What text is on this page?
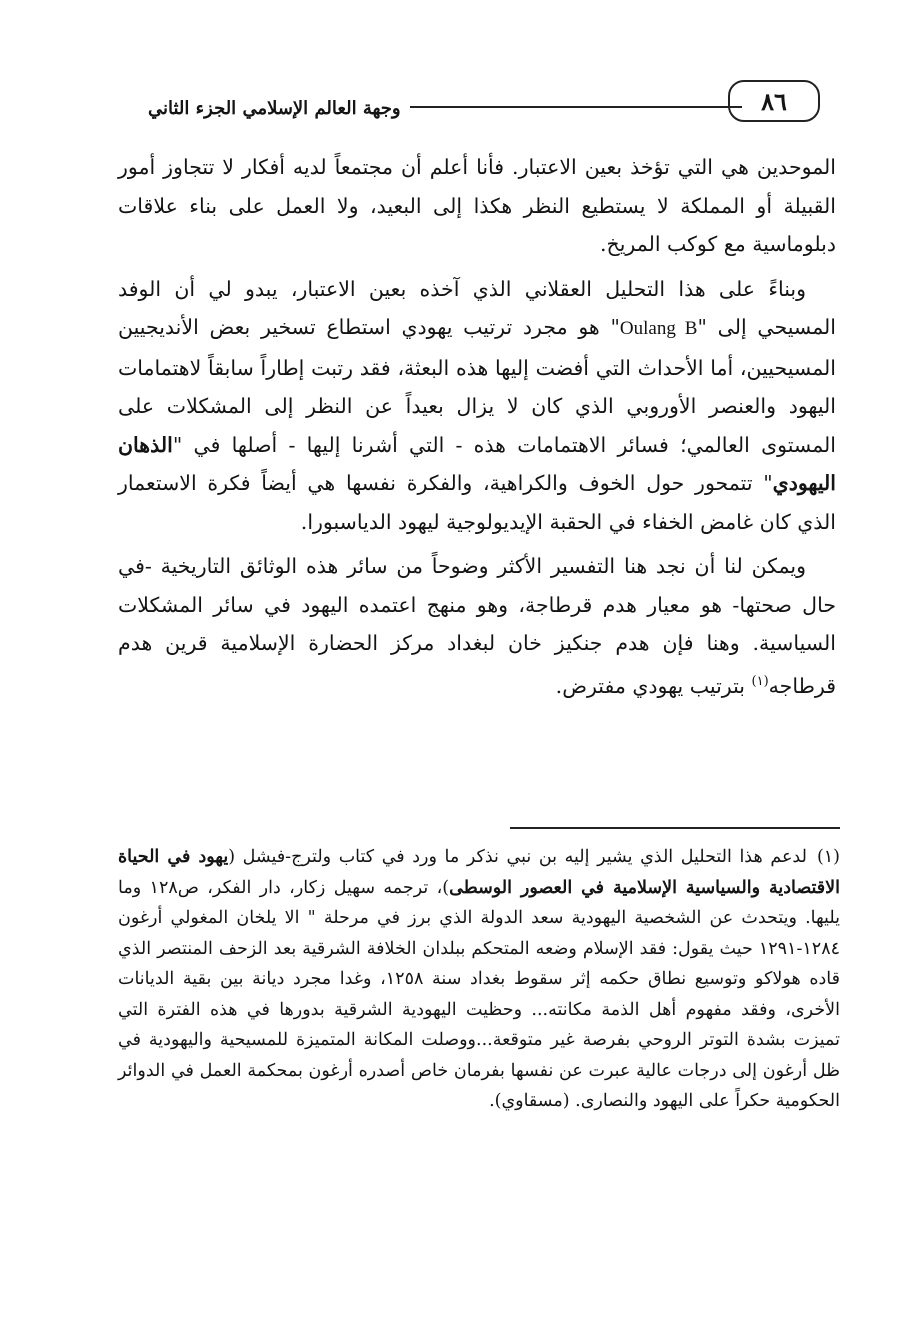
٨٦
وجهة العالم الإسلامي الجزء الثاني

الموحدين هي التي تؤخذ بعين الاعتبار. فأنا أعلم أن مجتمعاً لديه أفكار لا تتجاوز أمور القبيلة أو المملكة لا يستطيع النظر هكذا إلى البعيد، ولا العمل على بناء علاقات دبلوماسية مع كوكب المريخ.

وبناءً على هذا التحليل العقلاني الذي آخذه بعين الاعتبار، يبدو لي أن الوفد المسيحي إلى "Oulang B" هو مجرد ترتيب يهودي استطاع تسخير بعض الأنديجيين المسيحيين، أما الأحداث التي أفضت إليها هذه البعثة، فقد رتبت إطاراً سابقاً لاهتمامات اليهود والعنصر الأوروبي الذي كان لا يزال بعيداً عن النظر إلى المشكلات على المستوى العالمي؛ فسائر الاهتمامات هذه - التي أشرنا إليها - أصلها في "الذهان اليهودي" تتمحور حول الخوف والكراهية، والفكرة نفسها هي أيضاً فكرة الاستعمار الذي كان غامض الخفاء في الحقبة الإيديولوجية ليهود الدياسبورا.

ويمكن لنا أن نجد هنا التفسير الأكثر وضوحاً من سائر هذه الوثائق التاريخية -في حال صحتها- هو معيار هدم قرطاجة، وهو منهج اعتمده اليهود في سائر المشكلات السياسية. وهنا فإن هدم جنكيز خان لبغداد مركز الحضارة الإسلامية قرين هدم قرطاجه$^{(١)}$ بترتيب يهودي مفترض.

(١)لدعم هذا التحليل الذي يشير إليه بن نبي نذكر ما ورد في كتاب ولترج-فيشل (يهود في الحياة الاقتصادية والسياسية الإسلامية في العصور الوسطى)، ترجمه سهيل زكار، دار الفكر، ص١٢٨ وما يليها. ويتحدث عن الشخصية اليهودية سعد الدولة الذي برز في مرحلة " الا يلخان المغولي أرغون ١٢٨٤-١٢٩١ حيث يقول: فقد الإسلام وضعه المتحكم ببلدان الخلافة الشرقية بعد الزحف المنتصر الذي قاده هولاكو وتوسيع نطاق حكمه إثر سقوط بغداد سنة ١٢٥٨، وغدا مجرد ديانة بين بقية الديانات الأخرى، وفقد مفهوم أهل الذمة مكانته... وحظيت اليهودية الشرقية بدورها في هذه الفترة التي تميزت بشدة التوتر الروحي بفرصة غير متوقعة...ووصلت المكانة المتميزة للمسيحية واليهودية في ظل أرغون إلى درجات عالية عبرت عن نفسها بفرمان خاص أصدره أرغون بمحكمة العمل في الدوائر الحكومية حكراً على اليهود والنصارى. (مسقاوي).
